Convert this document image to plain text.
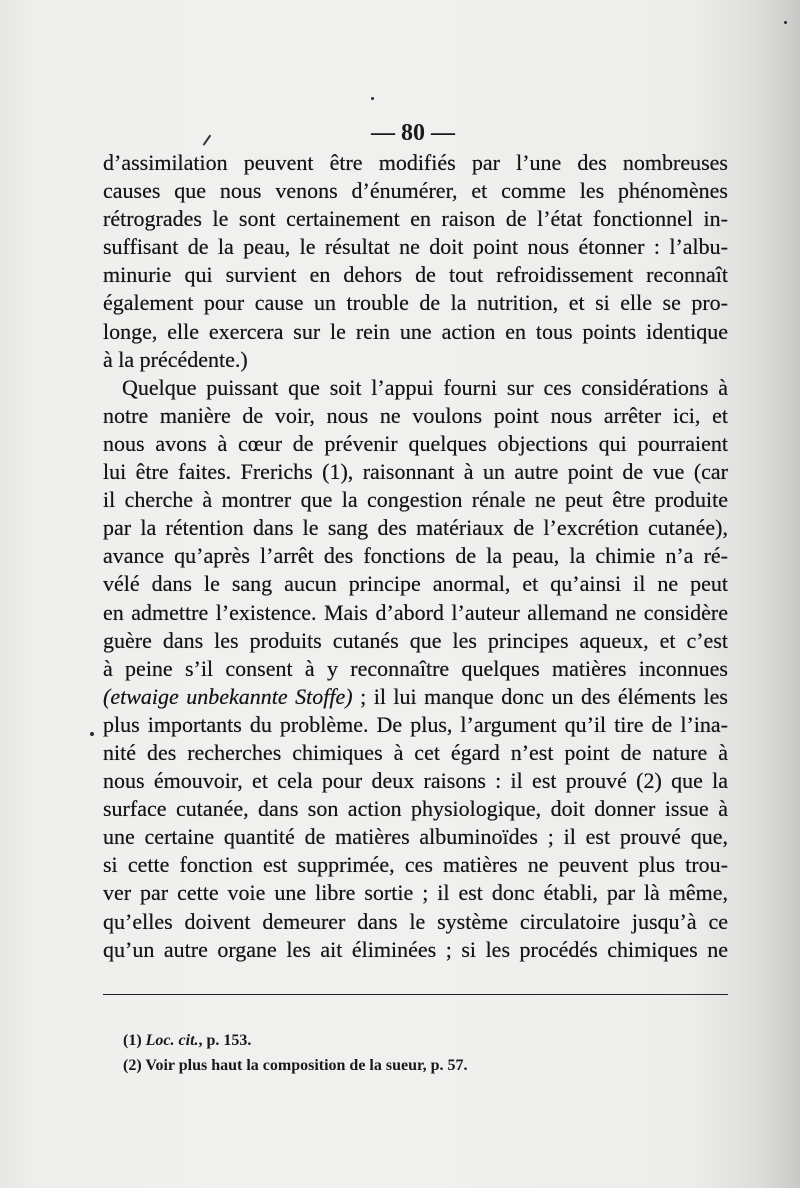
— 80 —
d’assimilation peuvent être modifiés par l’une des nombreuses
causes que nous venons d’énumérer, et comme les phénomènes
rétrogrades le sont certainement en raison de l’état fonctionnel in-
suffisant de la peau, le résultat ne doit point nous étonner : l’albu-
minurie qui survient en dehors de tout refroidissement reconnaît
également pour cause un trouble de la nutrition, et si elle se pro-
longe, elle exercera sur le rein une action en tous points identique
à la précédente.)
Quelque puissant que soit l’appui fourni sur ces considérations à
notre manière de voir, nous ne voulons point nous arrêter ici, et
nous avons à cœur de prévenir quelques objections qui pourraient
lui être faites. Frerichs (1), raisonnant à un autre point de vue (car
il cherche à montrer que la congestion rénale ne peut être produite
par la rétention dans le sang des matériaux de l’excrétion cutanée),
avance qu’après l’arrêt des fonctions de la peau, la chimie n’a ré-
vélé dans le sang aucun principe anormal, et qu’ainsi il ne peut
en admettre l’existence. Mais d’abord l’auteur allemand ne considère
guère dans les produits cutanés que les principes aqueux, et c’est
à peine s’il consent à y reconnaître quelques matières inconnues
(etwaige unbekannte Stoffe) ; il lui manque donc un des éléments les
plus importants du problème. De plus, l’argument qu’il tire de l’ina-
nité des recherches chimiques à cet égard n’est point de nature à
nous émouvoir, et cela pour deux raisons : il est prouvé (2) que la
surface cutanée, dans son action physiologique, doit donner issue à
une certaine quantité de matières albuminoïdes ; il est prouvé que,
si cette fonction est supprimée, ces matières ne peuvent plus trou-
ver par cette voie une libre sortie ; il est donc établi, par là même,
qu’elles doivent demeurer dans le système circulatoire jusqu’à ce
qu’un autre organe les ait éliminées ; si les procédés chimiques ne
(1) Loc. cit., p. 153.
(2) Voir plus haut la composition de la sueur, p. 57.
